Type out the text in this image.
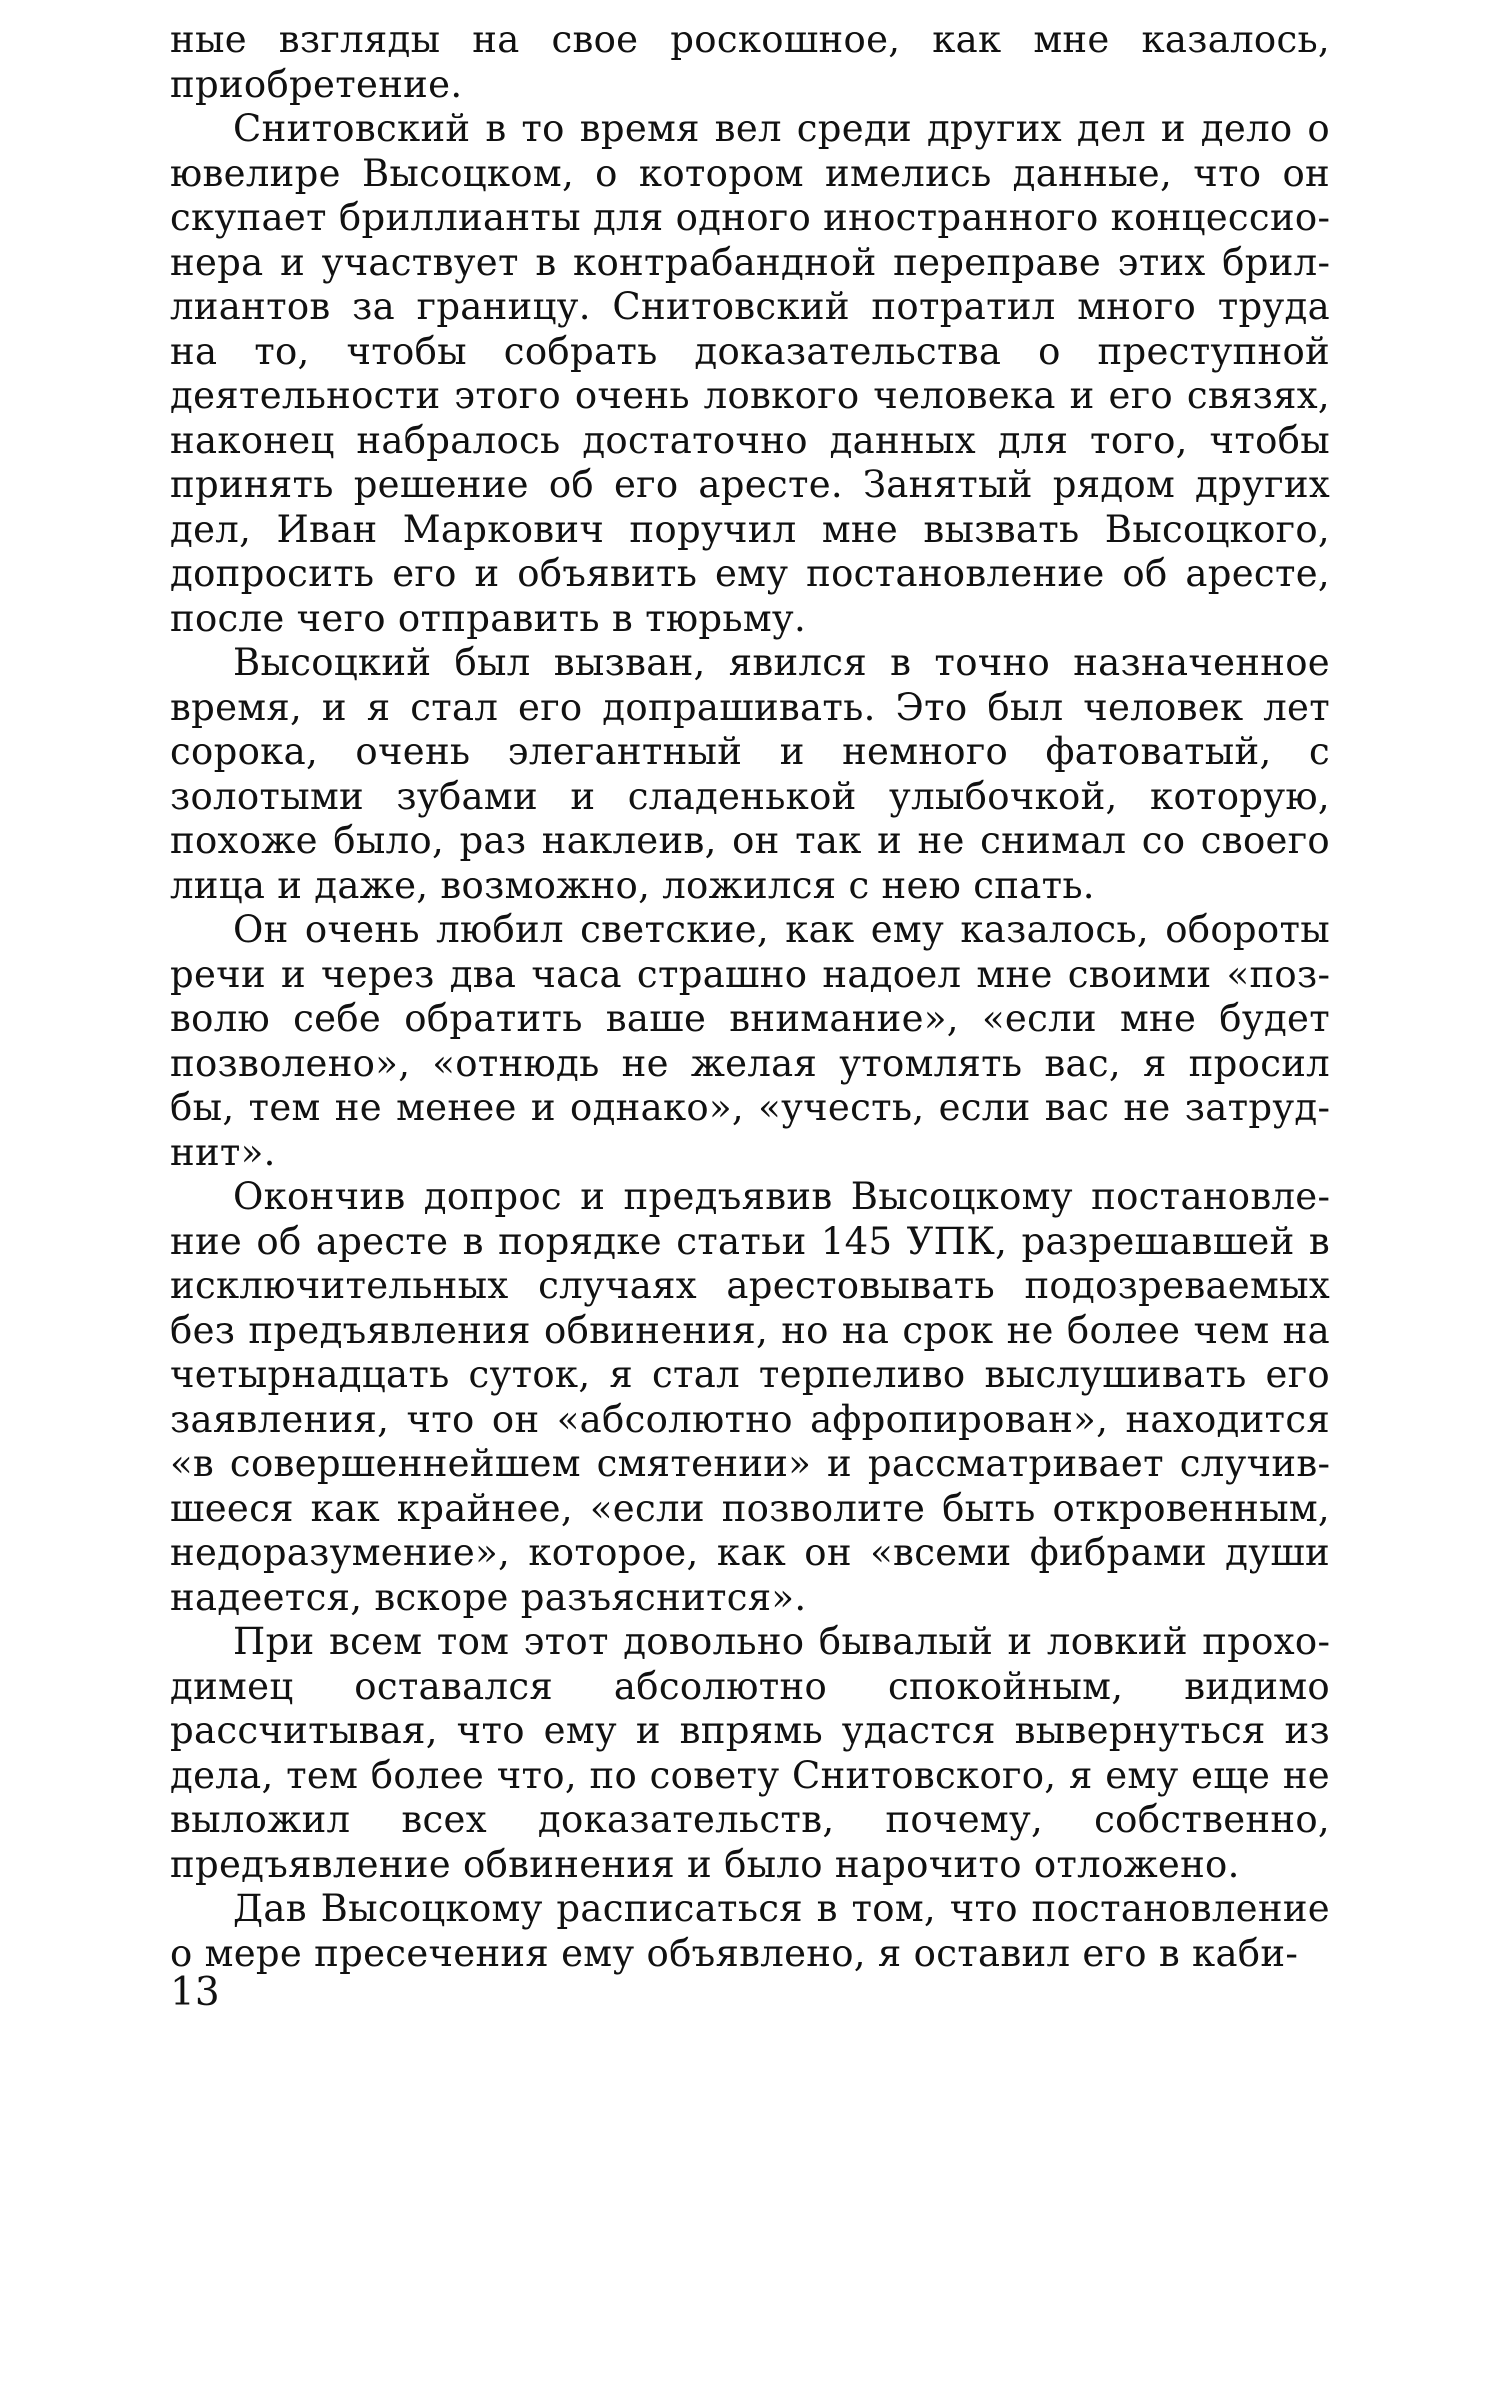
ные взгляды на свое роскошное, как мне казалось, приобретение.

Снитовский в то время вел среди других дел и дело о ювелире Высоцком, о котором имелись данные, что он скупает бриллианты для одного иностранного концессионера и участвует в контрабандной переправе этих бриллиантов за границу. Снитовский потратил много труда на то, чтобы собрать доказательства о преступной деятельности этого очень ловкого человека и его связях, наконец набралось достаточно данных для того, чтобы принять решение об его аресте. Занятый рядом других дел, Иван Маркович поручил мне вызвать Высоцкого, допросить его и объявить ему постановление об аресте, после чего отправить в тюрьму.

Высоцкий был вызван, явился в точно назначенное время, и я стал его допрашивать. Это был человек лет сорока, очень элегантный и немного фатоватый, с золотыми зубами и сладенькой улыбочкой, которую, похоже было, раз наклеив, он так и не снимал со своего лица и даже, возможно, ложился с нею спать.

Он очень любил светские, как ему казалось, обороты речи и через два часа страшно надоел мне своими «позволю себе обратить ваше внимание», «если мне будет позволено», «отнюдь не желая утомлять вас, я просил бы, тем не менее и однако», «учесть, если вас не затруднит».

Окончив допрос и предъявив Высоцкому постановление об аресте в порядке статьи 145 УПК, разрешавшей в исключительных случаях арестовывать подозреваемых без предъявления обвинения, но на срок не более чем на четырнадцать суток, я стал терпеливо выслушивать его заявления, что он «абсолютно афропирован», находится «в совершеннейшем смятении» и рассматривает случившееся как крайнее, «если позволите быть откровенным, недоразумение», которое, как он «всеми фибрами души надеется, вскоре разъяснится».

При всем том этот довольно бывалый и ловкий проходимец оставался абсолютно спокойным, видимо рассчитывая, что ему и впрямь удастся вывернуться из дела, тем более что, по совету Снитовского, я ему еще не выложил всех доказательств, почему, собственно, предъявление обвинения и было нарочито отложено.

Дав Высоцкому расписаться в том, что постановление о мере пресечения ему объявлено, я оставил его в каби-

13
